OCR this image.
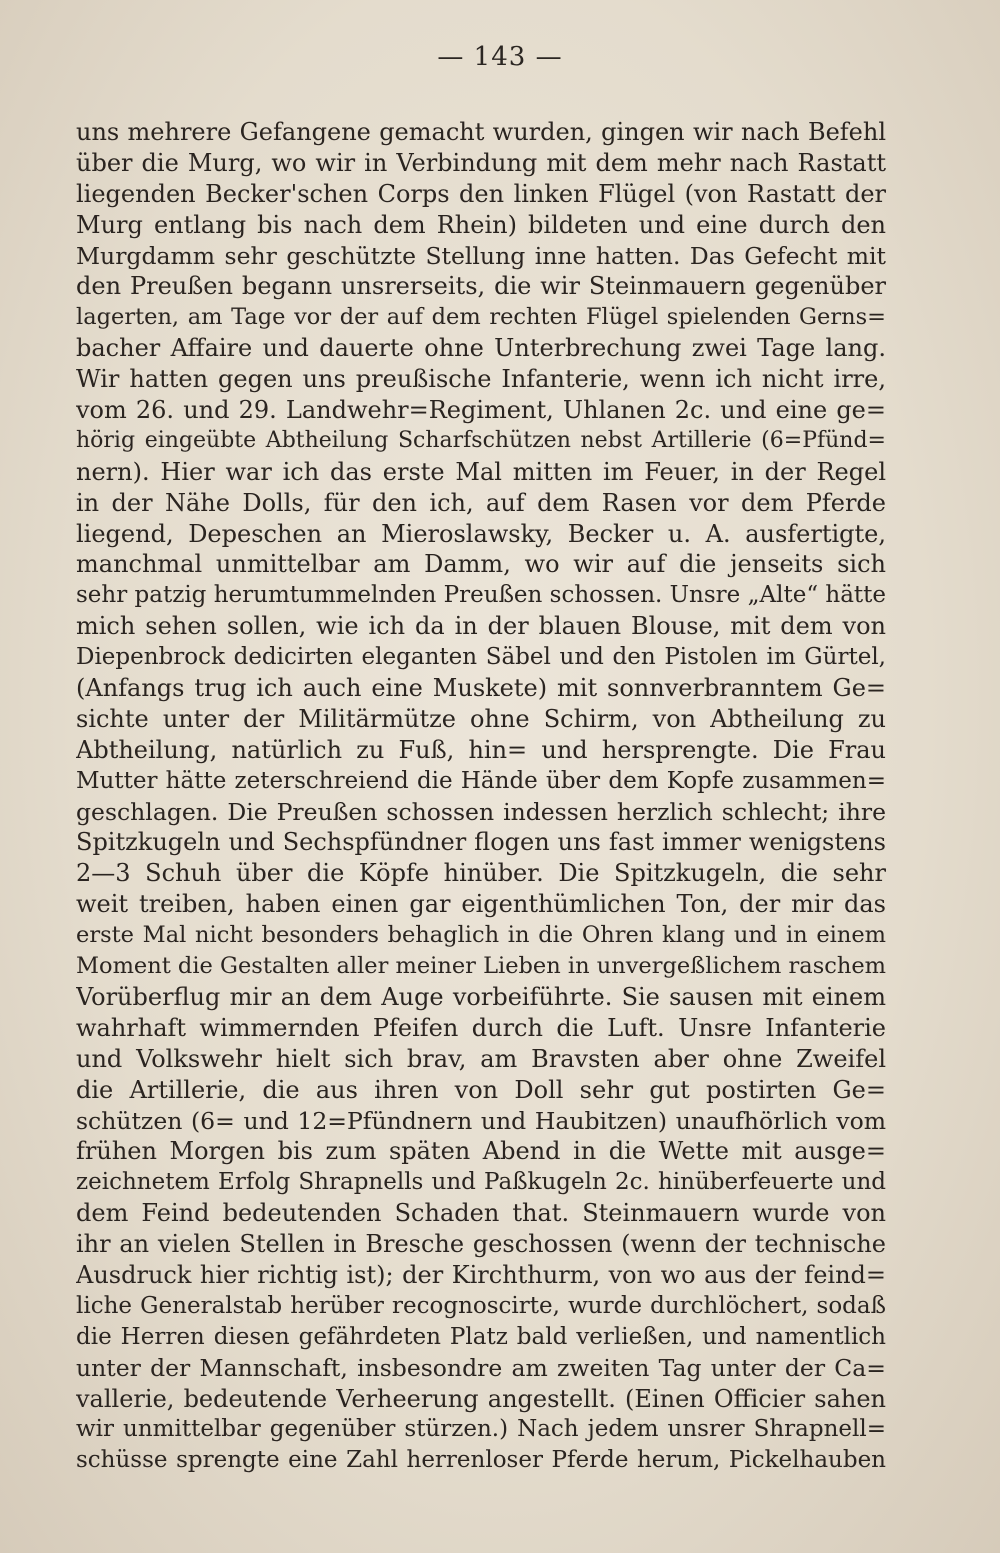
— 143 —
uns mehrere Gefangene gemacht wurden, gingen wir nach Befehl
über die Murg, wo wir in Verbindung mit dem mehr nach Rastatt
liegenden Becker'schen Corps den linken Flügel (von Rastatt der
Murg entlang bis nach dem Rhein) bildeten und eine durch den
Murgdamm sehr geschützte Stellung inne hatten. Das Gefecht mit
den Preußen begann unsrerseits, die wir Steinmauern gegenüber
lagerten, am Tage vor der auf dem rechten Flügel spielenden Gerns=
bacher Affaire und dauerte ohne Unterbrechung zwei Tage lang.
Wir hatten gegen uns preußische Infanterie, wenn ich nicht irre,
vom 26. und 29. Landwehr=Regiment, Uhlanen 2c. und eine ge=
hörig eingeübte Abtheilung Scharfschützen nebst Artillerie (6=Pfünd=
nern). Hier war ich das erste Mal mitten im Feuer, in der Regel
in der Nähe Dolls, für den ich, auf dem Rasen vor dem Pferde
liegend, Depeschen an Mieroslawsky, Becker u. A. ausfertigte,
manchmal unmittelbar am Damm, wo wir auf die jenseits sich
sehr patzig herumtummelnden Preußen schossen. Unsre „Alte“ hätte
mich sehen sollen, wie ich da in der blauen Blouse, mit dem von
Diepenbrock dedicirten eleganten Säbel und den Pistolen im Gürtel,
(Anfangs trug ich auch eine Muskete) mit sonnverbranntem Ge=
sichte unter der Militärmütze ohne Schirm, von Abtheilung zu
Abtheilung, natürlich zu Fuß, hin= und hersprengte. Die Frau
Mutter hätte zeterschreiend die Hände über dem Kopfe zusammen=
geschlagen. Die Preußen schossen indessen herzlich schlecht; ihre
Spitzkugeln und Sechspfündner flogen uns fast immer wenigstens
2—3 Schuh über die Köpfe hinüber. Die Spitzkugeln, die sehr
weit treiben, haben einen gar eigenthümlichen Ton, der mir das
erste Mal nicht besonders behaglich in die Ohren klang und in einem
Moment die Gestalten aller meiner Lieben in unvergeßlichem raschem
Vorüberflug mir an dem Auge vorbeiführte. Sie sausen mit einem
wahrhaft wimmernden Pfeifen durch die Luft. Unsre Infanterie
und Volkswehr hielt sich brav, am Bravsten aber ohne Zweifel
die Artillerie, die aus ihren von Doll sehr gut postirten Ge=
schützen (6= und 12=Pfündnern und Haubitzen) unaufhörlich vom
frühen Morgen bis zum späten Abend in die Wette mit ausge=
zeichnetem Erfolg Shrapnells und Paßkugeln 2c. hinüberfeuerte und
dem Feind bedeutenden Schaden that. Steinmauern wurde von
ihr an vielen Stellen in Bresche geschossen (wenn der technische
Ausdruck hier richtig ist); der Kirchthurm, von wo aus der feind=
liche Generalstab herüber recognoscirte, wurde durchlöchert, sodaß
die Herren diesen gefährdeten Platz bald verließen, und namentlich
unter der Mannschaft, insbesondre am zweiten Tag unter der Ca=
vallerie, bedeutende Verheerung angestellt. (Einen Officier sahen
wir unmittelbar gegenüber stürzen.) Nach jedem unsrer Shrapnell=
schüsse sprengte eine Zahl herrenloser Pferde herum, Pickelhauben
